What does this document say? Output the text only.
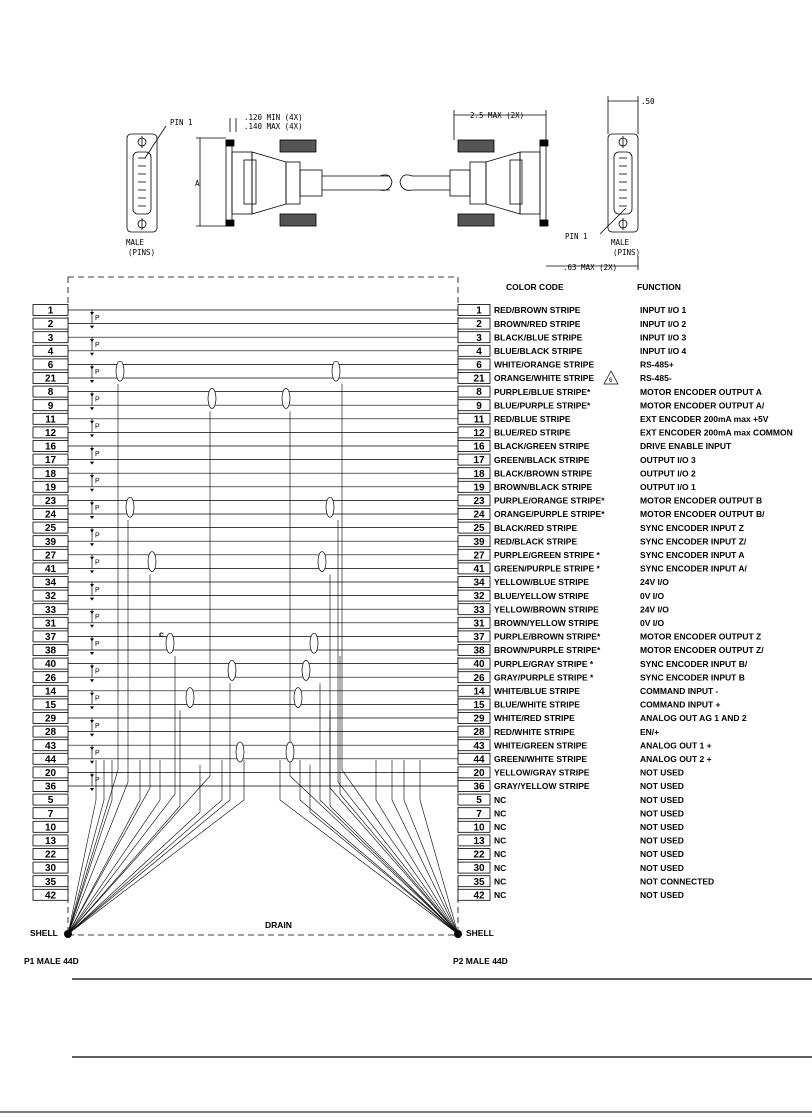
PIN 1
MALE
(PINS)
A
.120 MIN (4X)
.140 MAX (4X)
2.5 MAX (2X)
.50
PIN 1
MALE
(PINS)
.63 MAX (2X)
COLOR CODE	FUNCTION
1	1 RED/BROWN STRIPE	INPUT I/O 1
2	2 BROWN/RED STRIPE	INPUT I/O 2
3	3 BLACK/BLUE STRIPE	INPUT I/O 3
4	4 BLUE/BLACK STRIPE	INPUT I/O 4
6	6 WHITE/ORANGE STRIPE	RS-485+
21	21 ORANGE/WHITE STRIPE	RS-485-
8	8 PURPLE/BLUE STRIPE*	MOTOR ENCODER OUTPUT A
9	9 BLUE/PURPLE STRIPE*	MOTOR ENCODER OUTPUT A/
11	11 RED/BLUE STRIPE	EXT ENCODER 200mA max +5V
12	12 BLUE/RED STRIPE	EXT ENCODER 200mA max COMMON
16	16 BLACK/GREEN STRIPE	DRIVE ENABLE INPUT
17	17 GREEN/BLACK STRIPE	OUTPUT I/O 3
18	18 BLACK/BROWN STRIPE	OUTPUT I/O 2
19	19 BROWN/BLACK STRIPE	OUTPUT I/O 1
23	23 PURPLE/ORANGE STRIPE*	MOTOR ENCODER OUTPUT B
24	24 ORANGE/PURPLE STRIPE*	MOTOR ENCODER OUTPUT B/
25	25 BLACK/RED STRIPE	SYNC ENCODER INPUT Z
39	39 RED/BLACK STRIPE	SYNC ENCODER INPUT Z/
27	27 PURPLE/GREEN STRIPE *	SYNC ENCODER INPUT A
41	41 GREEN/PURPLE STRIPE *	SYNC ENCODER INPUT A/
34	34 YELLOW/BLUE STRIPE	24V I/O
32	32 BLUE/YELLOW STRIPE	0V I/O
33	33 YELLOW/BROWN STRIPE	24V I/O
31	31 BROWN/YELLOW STRIPE	0V I/O
37	37 PURPLE/BROWN STRIPE*	MOTOR ENCODER OUTPUT Z
38	38 BROWN/PURPLE STRIPE*	MOTOR ENCODER OUTPUT Z/
40	40 PURPLE/GRAY STRIPE *	SYNC ENCODER INPUT B/
26	26 GRAY/PURPLE STRIPE *	SYNC ENCODER INPUT B
14	14 WHITE/BLUE STRIPE	COMMAND INPUT -
15	15 BLUE/WHITE STRIPE	COMMAND INPUT +
29	29 WHITE/RED STRIPE	ANALOG OUT AG 1 AND 2
28	28 RED/WHITE STRIPE	EN/+
43	43 WHITE/GREEN STRIPE	ANALOG OUT 1 +
44	44 GREEN/WHITE STRIPE	ANALOG OUT 2 +
20	20 YELLOW/GRAY STRIPE	NOT USED
36	36 GRAY/YELLOW STRIPE	NOT USED
5	5 NC	NOT USED
7	7 NC	NOT USED
10	10 NC	NOT USED
13	13 NC	NOT USED
22	22 NC	NOT USED
30	30 NC	NOT USED
35	35 NC	NOT CONNECTED
42	42 NC	NOT USED
P
P
P
P
P
P
P
P
P
P
P
P
P
P
P
P
P
P
SHELL	SHELL
DRAIN
P1 MALE 44D	P2 MALE 44D
c
6
